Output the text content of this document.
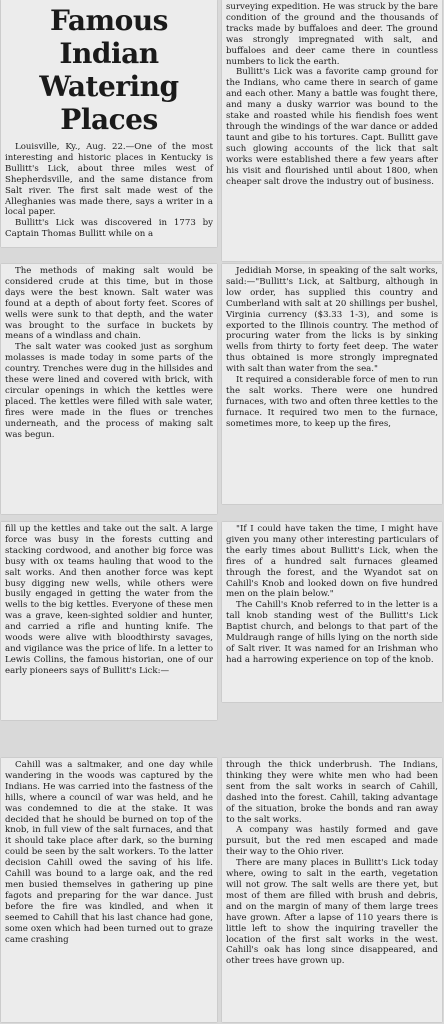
Famous Indian
Watering
Places

Louisville, Ky., Aug. 22.—One of the most interesting and historic places in Kentucky is Bullitt's Lick, about three miles west of Shepherdsville, and the same distance from Salt river. The first salt made west of the Alleghanies was made there, says a writer in a local paper.

Bullitt's Lick was discovered in 1773 by Captain Thomas Bullitt while on a

surveying expedition. He was struck by the bare condition of the ground and the thousands of tracks made by buffaloes and deer. The ground was strongly impregnated with salt, and buffaloes and deer came there in countless numbers to lick the earth.

Bullitt's Lick was a favorite camp ground for the Indians, who came there in search of game and each other. Many a battle was fought there, and many a dusky warrior was bound to the stake and roasted while his fiendish foes went through the windings of the war dance or added taunt and gibe to his tortures. Capt. Bullitt gave such glowing accounts of the lick that salt works were established there a few years after his visit and flourished until about 1800, when cheaper salt drove the industry out of business.

The methods of making salt would be considered crude at this time, but in those days were the best known. Salt water was found at a depth of about forty feet. Scores of wells were sunk to that depth, and the water was brought to the surface in buckets by means of a windlass and chain.

The salt water was cooked just as sorghum molasses is made today in some parts of the country. Trenches were dug in the hillsides and these were lined and covered with brick, with circular openings in which the kettles were placed. The kettles were filled with sale water, fires were made in the flues or trenches underneath, and the process of making salt was begun.

Jedidiah Morse, in speaking of the salt works, said:—"Bullitt's Lick, at Saltburg, although in low order, has supplied this country and Cumberland with salt at 20 shillings per bushel, Virginia currency ($3.33 1-3), and some is exported to the Illinois country. The method of procuring water from the licks is by sinking wells from thirty to forty feet deep. The water thus obtained is more strongly impregnated with salt than water from the sea."

It required a considerable force of men to run the salt works. There were one hundred furnaces, with two and often three kettles to the furnace. It required two men to the furnace, sometimes more, to keep up the fires,

fill up the kettles and take out the salt. A large force was busy in the forests cutting and stacking cordwood, and another big force was busy with ox teams hauling that wood to the salt works. And then another force was kept busy digging new wells, while others were busily engaged in getting the water from the wells to the big kettles. Everyone of these men was a grave, keen-sighted soldier and hunter, and carried a rifle and hunting knife. The woods were alive with bloodthirsty savages, and vigilance was the price of life. In a letter to Lewis Collins, the famous historian, one of our early pioneers says of Bullitt's Lick:—

"If I could have taken the time, I might have given you many other interesting particulars of the early times about Bullitt's Lick, when the fires of a hundred salt furnaces gleamed through the forest, and the Wyandot sat on Cahill's Knob and looked down on five hundred men on the plain below."

The Cahill's Knob referred to in the letter is a tall knob standing west of the Bullitt's Lick Baptist church, and belongs to that part of the Muldraugh range of hills lying on the north side of Salt river. It was named for an Irishman who had a harrowing experience on top of the knob.

Cahill was a saltmaker, and one day while wandering in the woods was captured by the Indians. He was carried into the fastness of the hills, where a council of war was held, and he was condemned to die at the stake. It was decided that he should be burned on top of the knob, in full view of the salt furnaces, and that it should take place after dark, so the burning could be seen by the salt workers. To the latter decision Cahill owed the saving of his life. Cahill was bound to a large oak, and the red men busied themselves in gathering up pine fagots and preparing for the war dance. Just before the fire was kindled, and when it seemed to Cahill that his last chance had gone, some oxen which had been turned out to graze came crashing

through the thick underbrush. The Indians, thinking they were white men who had been sent from the salt works in search of Cahill, dashed into the forest. Cahill, taking advantage of the situation, broke the bonds and ran away to the salt works.

A company was hastily formed and gave pursuit, but the red men escaped and made their way to the Ohio river.

There are many places in Bullitt's Lick today where, owing to salt in the earth, vegetation will not grow. The salt wells are there yet, but most of them are filled with brush and debris, and on the margin of many of them large trees have grown. After a lapse of 110 years there is little left to show the inquiring traveller the location of the first salt works in the west. Cahill's oak has long since disappeared, and other trees have grown up.
